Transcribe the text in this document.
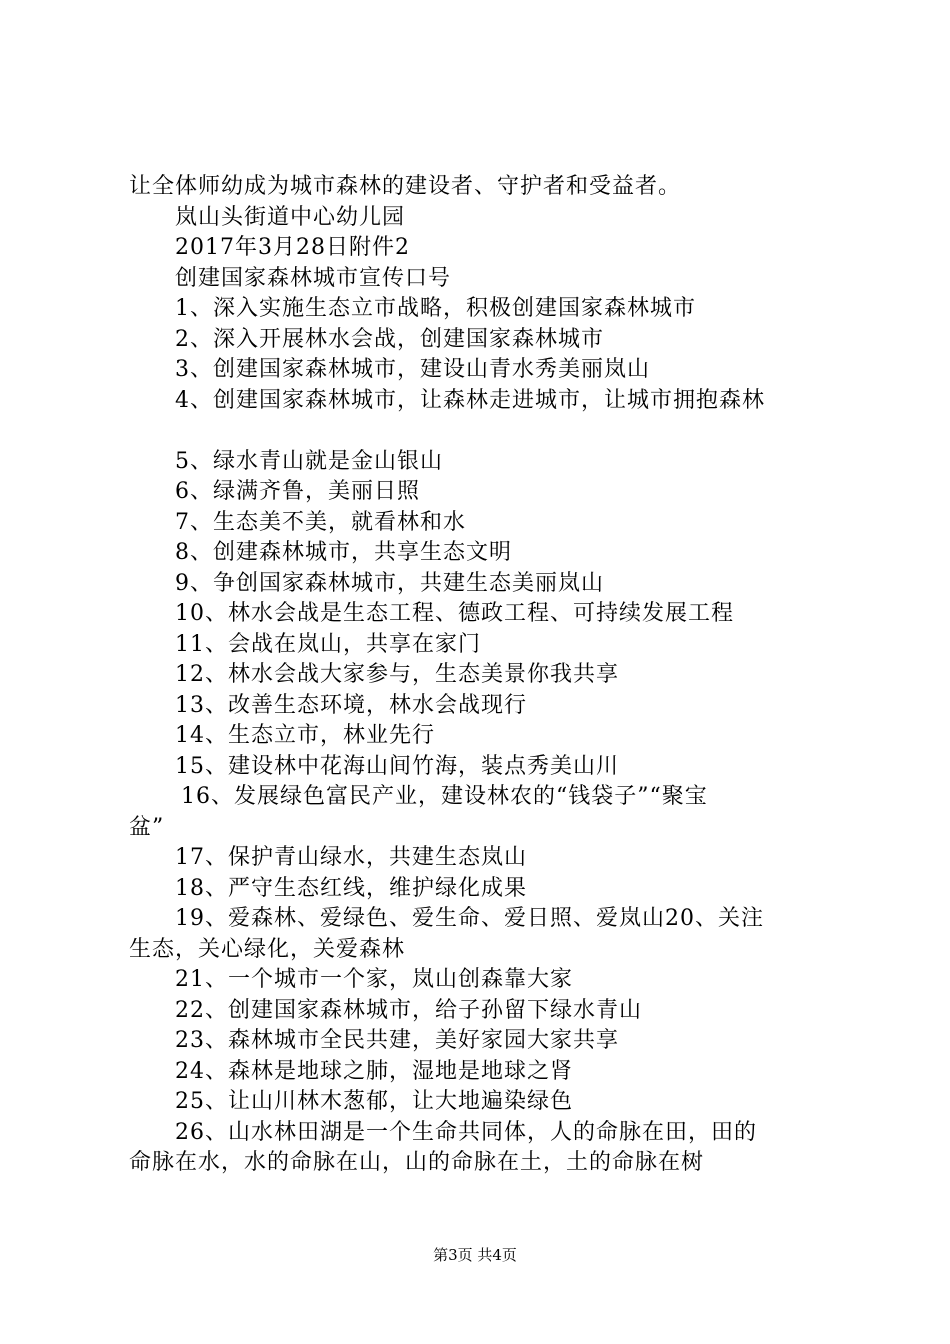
让全体师幼成为城市森林的建设者、守护者和受益者。
岚山头街道中心幼儿园
2017年3月28日附件2
创建国家森林城市宣传口号
1、深入实施生态立市战略，积极创建国家森林城市
2、深入开展林水会战，创建国家森林城市
3、创建国家森林城市，建设山青水秀美丽岚山
4、创建国家森林城市，让森林走进城市，让城市拥抱森林
5、绿水青山就是金山银山
6、绿满齐鲁，美丽日照
7、生态美不美，就看林和水
8、创建森林城市，共享生态文明
9、争创国家森林城市，共建生态美丽岚山
10、林水会战是生态工程、德政工程、可持续发展工程
11、会战在岚山，共享在家门
12、林水会战大家参与，生态美景你我共享
13、改善生态环境，林水会战现行
14、生态立市，林业先行
15、建设林中花海山间竹海，装点秀美山川
16、发展绿色富民产业，建设林农的“钱袋子”“聚宝
盆”
17、保护青山绿水，共建生态岚山
18、严守生态红线，维护绿化成果
19、爱森林、爱绿色、爱生命、爱日照、爱岚山20、关注
生态，关心绿化，关爱森林
21、一个城市一个家，岚山创森靠大家
22、创建国家森林城市，给子孙留下绿水青山
23、森林城市全民共建，美好家园大家共享
24、森林是地球之肺，湿地是地球之肾
25、让山川林木葱郁，让大地遍染绿色
26、山水林田湖是一个生命共同体，人的命脉在田，田的
命脉在水，水的命脉在山，山的命脉在土，土的命脉在树
第3页 共4页
